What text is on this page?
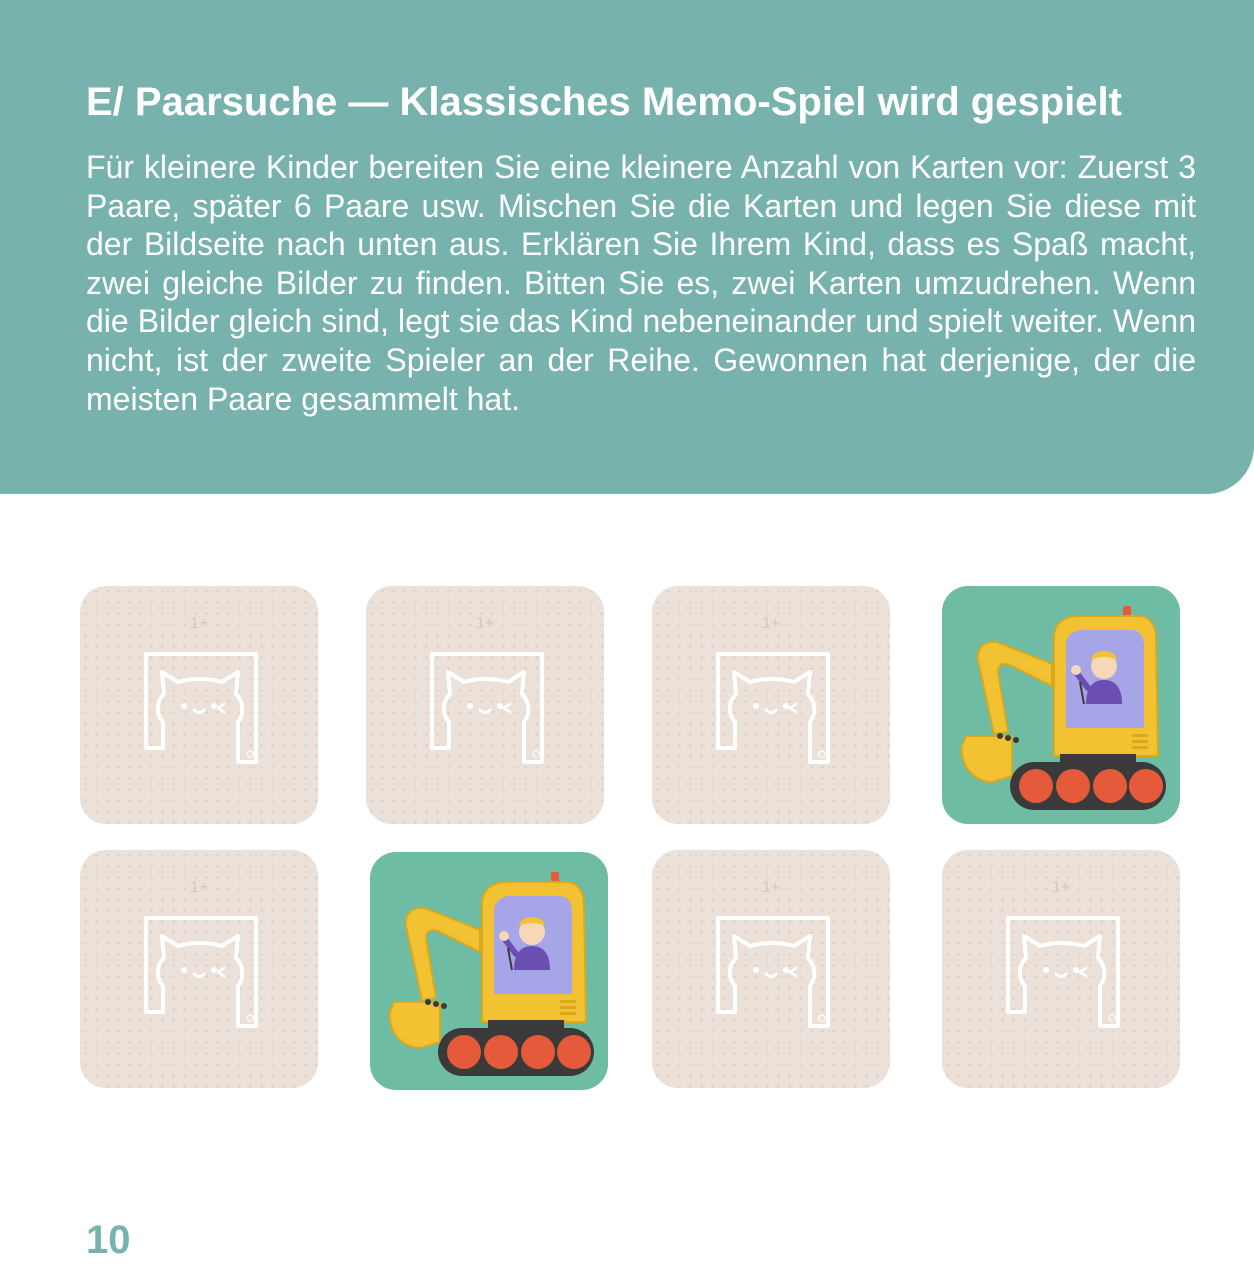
E/ Paarsuche — Klassisches Memo-Spiel wird gespielt

Für kleinere Kinder bereiten Sie eine kleinere Anzahl von Karten vor: Zuerst 3 Paare, später 6 Paare usw. Mischen Sie die Karten und legen Sie diese mit der Bildseite nach unten aus. Erklären Sie Ihrem Kind, dass es Spaß macht, zwei gleiche Bilder zu finden. Bitten Sie es, zwei Karten umzudrehen. Wenn die Bilder gleich sind, legt sie das Kind nebeneinander und spielt weiter. Wenn nicht, ist der zweite Spieler an der Reihe. Gewonnen hat derjenige, der die meisten Paare gesammelt hat.

10
